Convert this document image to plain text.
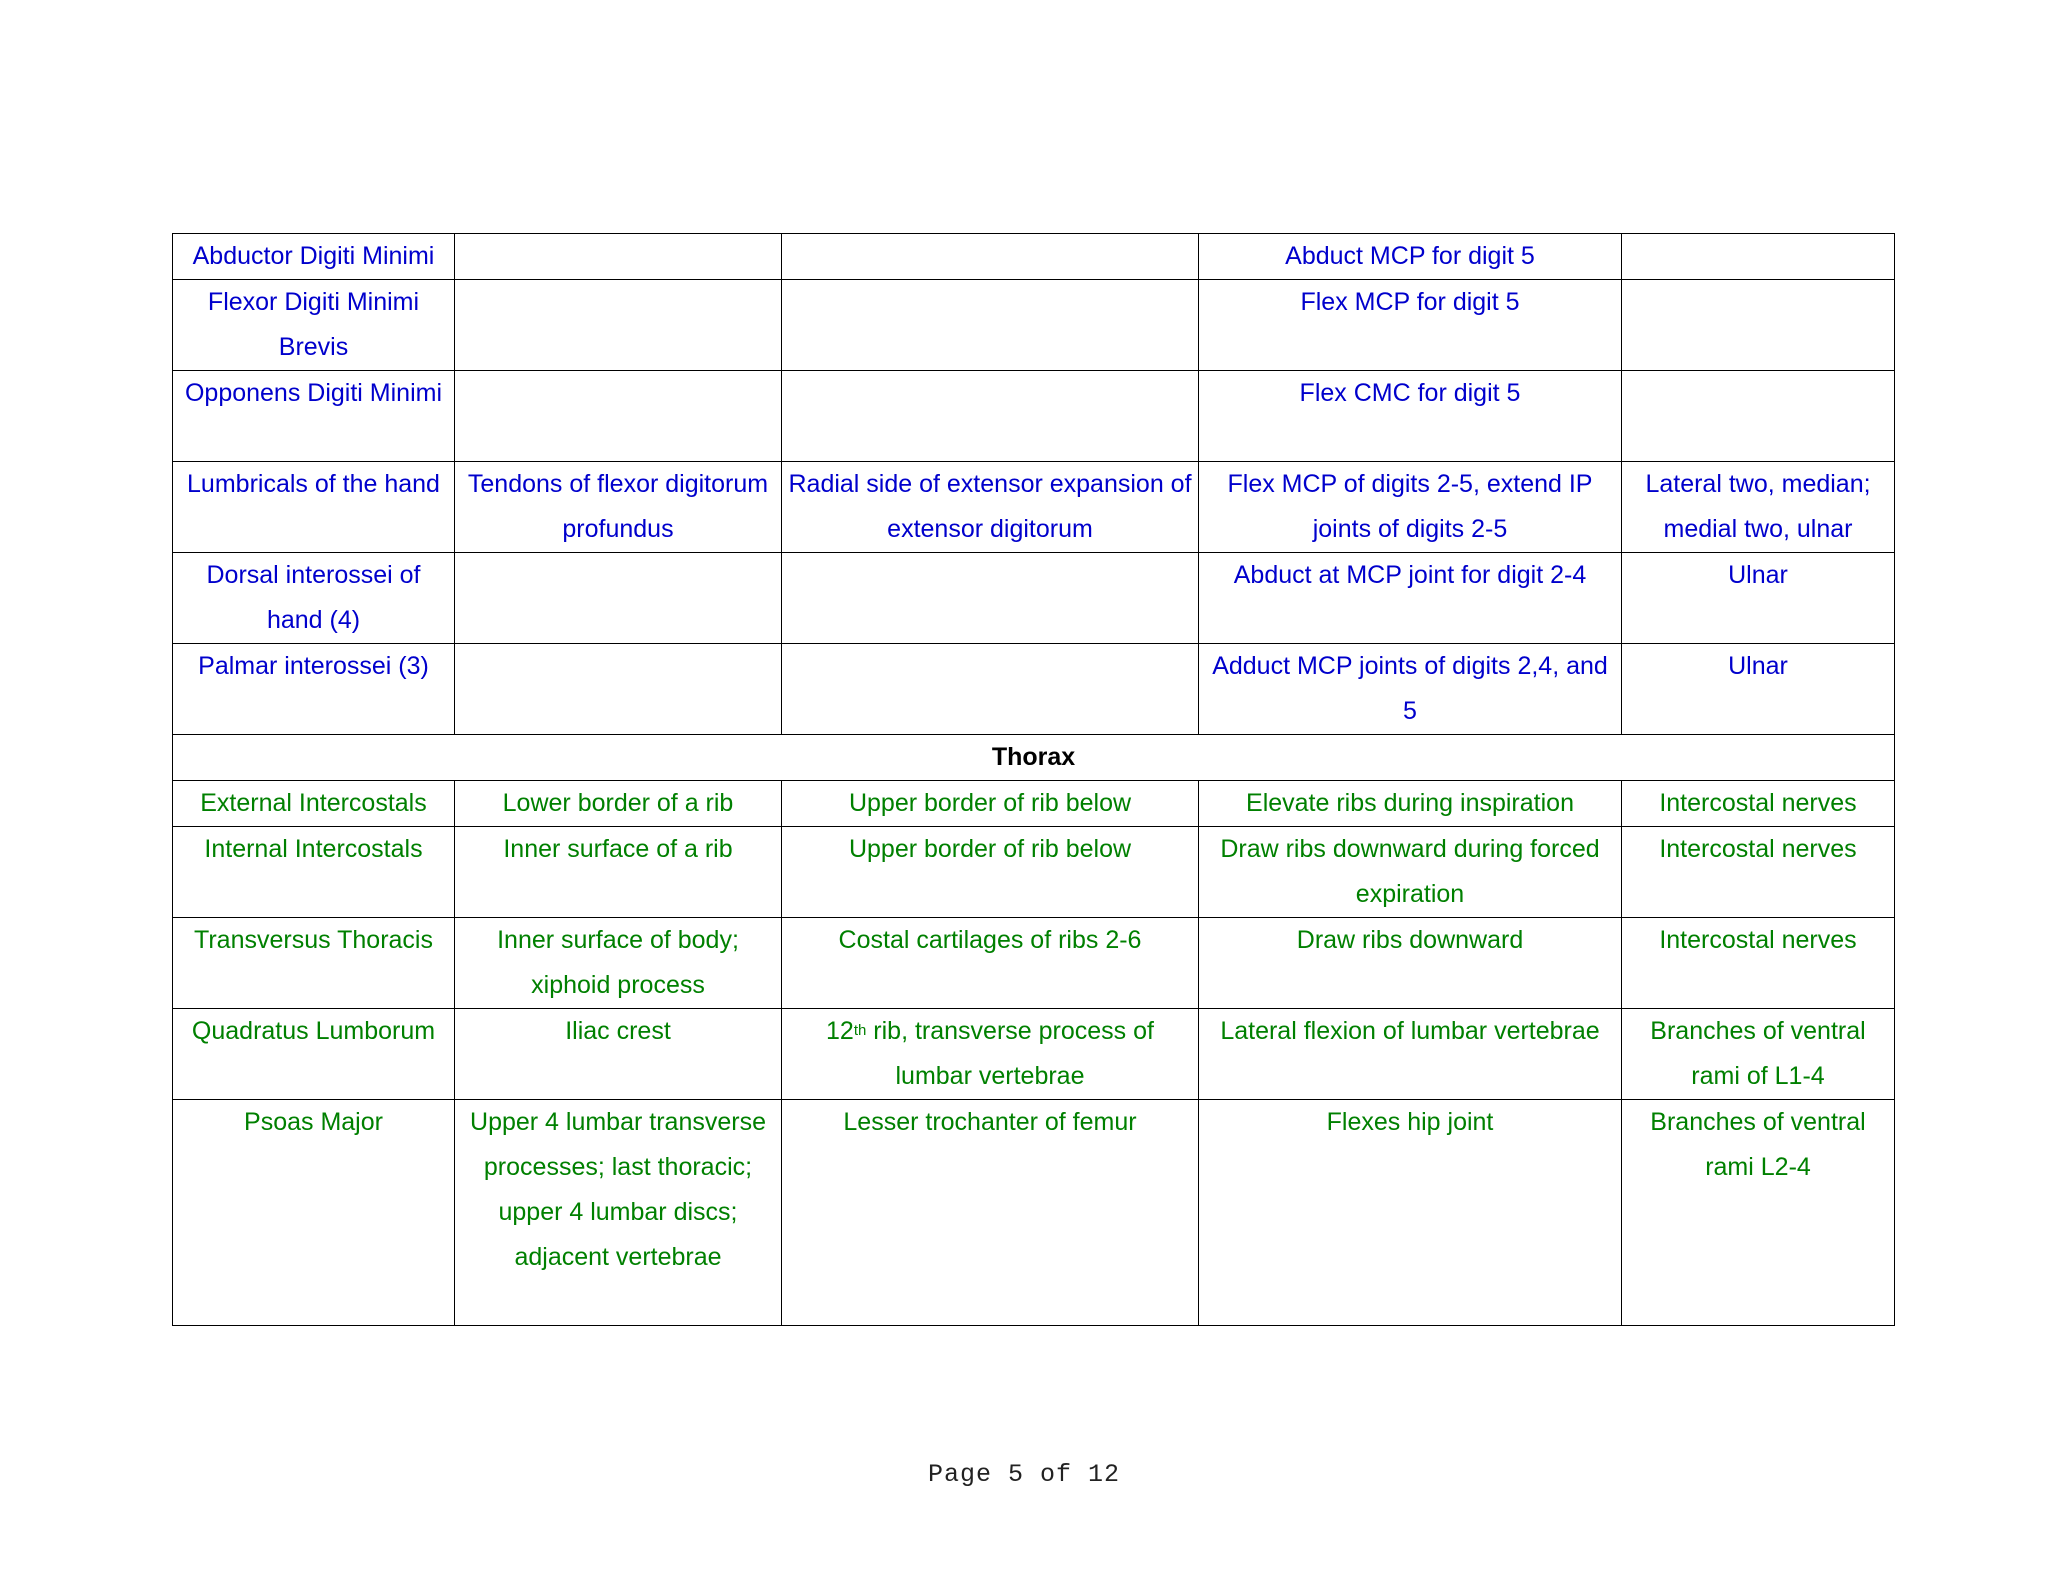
Abductor Digiti Minimi			Abduct MCP for digit 5	
Flexor Digiti Minimi Brevis			Flex MCP for digit 5	
Opponens Digiti Minimi			Flex CMC for digit 5	
Lumbricals of the hand	Tendons of flexor digitorum profundus	Radial side of extensor expansion of extensor digitorum	Flex MCP of digits 2-5, extend IP joints of digits 2-5	Lateral two, median; medial two, ulnar
Dorsal interossei of hand (4)			Abduct at MCP joint for digit 2-4	Ulnar
Palmar interossei (3)			Adduct MCP joints of digits 2,4, and 5	Ulnar
Thorax				
External Intercostals	Lower border of a rib	Upper border of rib below	Elevate ribs during inspiration	Intercostal nerves
Internal Intercostals	Inner surface of a rib	Upper border of rib below	Draw ribs downward during forced expiration	Intercostal nerves
Transversus Thoracis	Inner surface of body; xiphoid process	Costal cartilages of ribs 2-6	Draw ribs downward	Intercostal nerves
Quadratus Lumborum	Iliac crest	12th rib, transverse process of lumbar vertebrae	Lateral flexion of lumbar vertebrae	Branches of ventral rami of L1-4
Psoas Major	Upper 4 lumbar transverse processes; last thoracic; upper 4 lumbar discs; adjacent vertebrae	Lesser trochanter of femur	Flexes hip joint	Branches of ventral rami L2-4
Page 5 of 12
